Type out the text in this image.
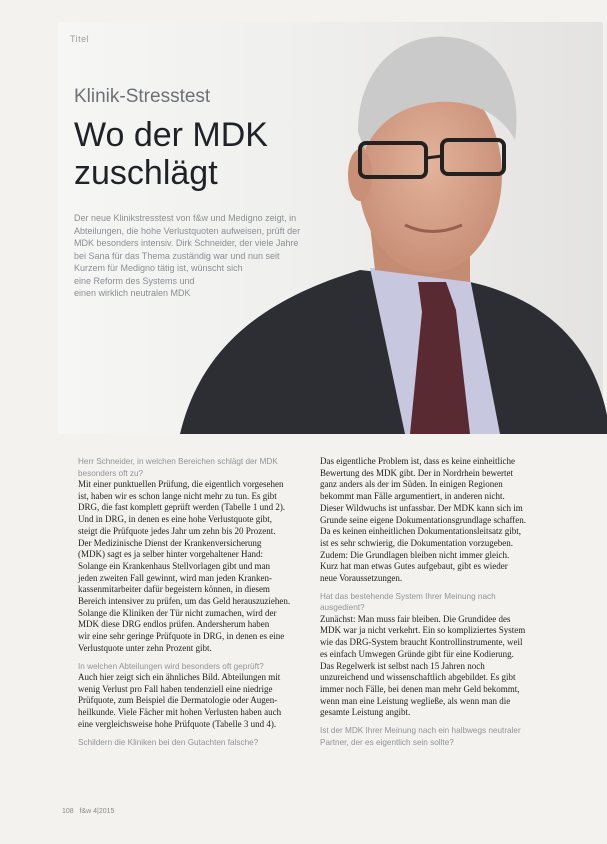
Titel
Klinik-Stresstest
Wo der MDK
zuschlägt
Der neue Klinikstresstest von f&w und Medigno zeigt, in
Abteilungen, die hohe Verlustquoten aufweisen, prüft der
MDK besonders intensiv. Dirk Schneider, der viele Jahre
bei Sana für das Thema zuständig war und nun seit
Kurzem für Medigno tätig ist, wünscht sich
eine Reform des Systems und
einen wirklich neutralen MDK
Herr Schneider, in welchen Bereichen schlägt der MDK
besonders oft zu?
Mit einer punktuellen Prüfung, die eigentlich vorgesehen
ist, haben wir es schon lange nicht mehr zu tun. Es gibt
DRG, die fast komplett geprüft werden (Tabelle 1 und 2).
Und in DRG, in denen es eine hohe Verlustquote gibt,
steigt die Prüfquote jedes Jahr um zehn bis 20 Prozent.
Der Medizinische Dienst der Krankenversicherung
(MDK) sagt es ja selber hinter vorgehaltener Hand:
Solange ein Krankenhaus Stellvorlagen gibt und man
jeden zweiten Fall gewinnt, wird man jeden Kranken-
kassenmitarbeiter dafür begeistern können, in diesem
Bereich intensiver zu prüfen, um das Geld herauszuziehen.
Solange die Kliniken der Tür nicht zumachen, wird der
MDK diese DRG endlos prüfen. Andersherum haben
wir eine sehr geringe Prüfquote in DRG, in denen es eine
Verlustquote unter zehn Prozent gibt.
In welchen Abteilungen wird besonders oft geprüft?
Auch hier zeigt sich ein ähnliches Bild. Abteilungen mit
wenig Verlust pro Fall haben tendenziell eine niedrige
Prüfquote, zum Beispiel die Dermatologie oder Augen-
heilkunde. Viele Fächer mit hohen Verlusten haben auch
eine vergleichsweise hohe Prüfquote (Tabelle 3 und 4).
Schildern die Kliniken bei den Gutachten falsche?
Das eigentliche Problem ist, dass es keine einheitliche
Bewertung des MDK gibt. Der in Nordrhein bewertet
ganz anders als der im Süden. In einigen Regionen
bekommt man Fälle argumentiert, in anderen nicht.
Dieser Wildwuchs ist unfassbar. Der MDK kann sich im
Grunde seine eigene Dokumentationsgrundlage schaffen.
Da es keinen einheitlichen Dokumentationsleitsatz gibt,
ist es sehr schwierig, die Dokumentation vorzugeben.
Zudem: Die Grundlagen bleiben nicht immer gleich.
Kurz hat man etwas Gutes aufgebaut, gibt es wieder
neue Voraussetzungen.
Hat das bestehende System Ihrer Meinung nach
ausgedient?
Zunächst: Man muss fair bleiben. Die Grundidee des
MDK war ja nicht verkehrt. Ein so kompliziertes System
wie das DRG-System braucht Kontrollinstrumente, weil
es einfach Umwegen Gründe gibt für eine Kodierung.
Das Regelwerk ist selbst nach 15 Jahren noch
unzureichend und wissenschaftlich abgebildet. Es gibt
immer noch Fälle, bei denen man mehr Geld bekommt,
wenn man eine Leistung wegließe, als wenn man die
gesamte Leistung angibt.
Ist der MDK Ihrer Meinung nach ein halbwegs neutraler
Partner, der es eigentlich sein sollte?
108 f&w 4|2015
